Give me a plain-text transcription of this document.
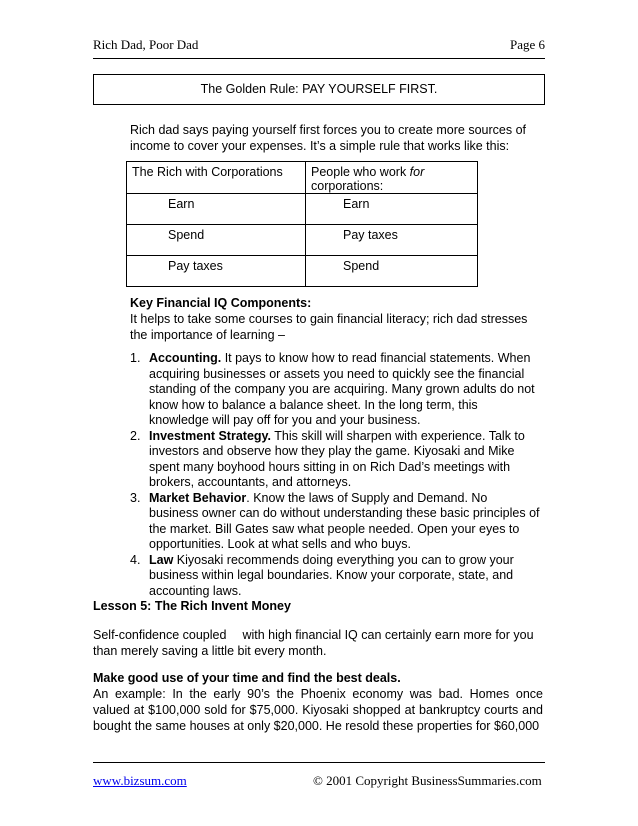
Rich Dad, Poor Dad	Page 6
The Golden Rule: PAY YOURSELF FIRST.

Rich dad says paying yourself first forces you to create more sources of income to cover your expenses. It’s a simple rule that works like this:

The Rich with Corporations	People who work for
corporations:

Earn	Earn

Spend	Pay taxes

Pay taxes	Spend

Key Financial IQ Components:
It helps to take some courses to gain financial literacy; rich dad stresses the importance of learning –

1. Accounting. It pays to know how to read financial statements. When acquiring businesses or assets you need to quickly see the financial standing of the company you are acquiring. Many grown adults do not know how to balance a balance sheet. In the long term, this knowledge will pay off for you and your business.
2. Investment Strategy. This skill will sharpen with experience. Talk to investors and observe how they play the game. Kiyosaki and Mike spent many boyhood hours sitting in on Rich Dad’s meetings with brokers, accountants, and attorneys.
3. Market Behavior. Know the laws of Supply and Demand. No business owner can do without understanding these basic principles of the market. Bill Gates saw what people needed. Open your eyes to opportunities. Look at what sells and who buys.
4. Law Kiyosaki recommends doing everything you can to grow your business within legal boundaries. Know your corporate, state, and accounting laws.

Lesson 5: The Rich Invent Money

Self-confidence coupled with high financial IQ can certainly earn more for you than merely saving a little bit every month.

Make good use of your time and find the best deals.
An example: In the early 90’s the Phoenix economy was bad. Homes once valued at $100,000 sold for $75,000. Kiyosaki shopped at bankruptcy courts and bought the same houses at only $20,000. He resold these properties for $60,000

www.bizsum.com	© 2001 Copyright BusinessSummaries.com
